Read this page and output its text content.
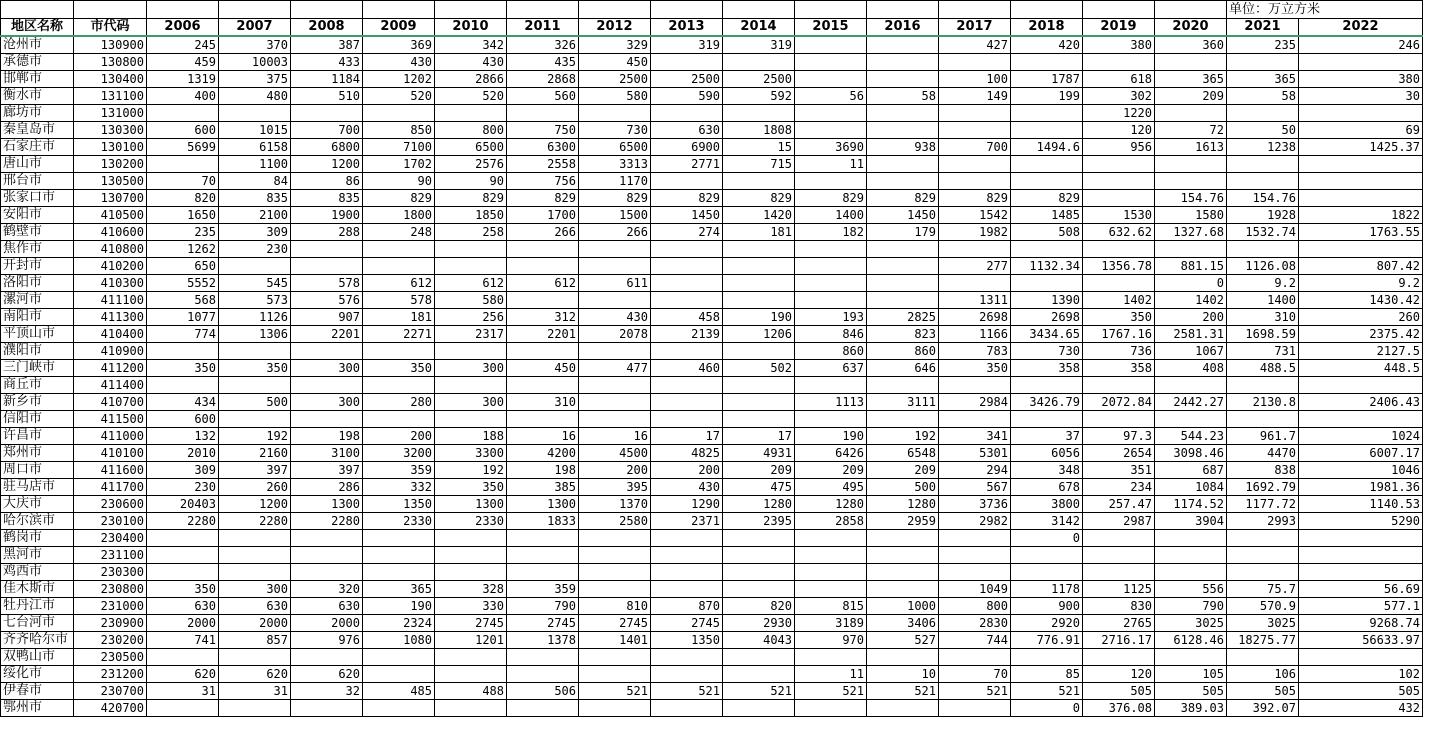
																	单位：万立方米	
地区名称	市代码	2006	2007	2008	2009	2010	2011	2012	2013	2014	2015	2016	2017	2018	2019	2020	2021	2022
沧州市	130900	245	370	387	369	342	326	329	319	319			427	420	380	360	235	246
承德市	130800	459	10003	433	430	430	435	450										
邯郸市	130400	1319	375	1184	1202	2866	2868	2500	2500	2500			100	1787	618	365	365	380
衡水市	131100	400	480	510	520	520	560	580	590	592	56	58	149	199	302	209	58	30
廊坊市	131000														1220			
秦皇岛市	130300	600	1015	700	850	800	750	730	630	1808					120	72	50	69
石家庄市	130100	5699	6158	6800	7100	6500	6300	6500	6900	15	3690	938	700	1494.6	956	1613	1238	1425.37
唐山市	130200		1100	1200	1702	2576	2558	3313	2771	715	11							
邢台市	130500	70	84	86	90	90	756	1170										
张家口市	130700	820	835	835	829	829	829	829	829	829	829	829	829	829		154.76	154.76	
安阳市	410500	1650	2100	1900	1800	1850	1700	1500	1450	1420	1400	1450	1542	1485	1530	1580	1928	1822
鹤壁市	410600	235	309	288	248	258	266	266	274	181	182	179	1982	508	632.62	1327.68	1532.74	1763.55
焦作市	410800	1262	230															
开封市	410200	650											277	1132.34	1356.78	881.15	1126.08	807.42
洛阳市	410300	5552	545	578	612	612	612	611								0	9.2	9.2
漯河市	411100	568	573	576	578	580							1311	1390	1402	1402	1400	1430.42
南阳市	411300	1077	1126	907	181	256	312	430	458	190	193	2825	2698	2698	350	200	310	260
平顶山市	410400	774	1306	2201	2271	2317	2201	2078	2139	1206	846	823	1166	3434.65	1767.16	2581.31	1698.59	2375.42
濮阳市	410900										860	860	783	730	736	1067	731	2127.5
三门峡市	411200	350	350	300	350	300	450	477	460	502	637	646	350	358	358	408	488.5	448.5
商丘市	411400																	
新乡市	410700	434	500	300	280	300	310				1113	3111	2984	3426.79	2072.84	2442.27	2130.8	2406.43
信阳市	411500	600																
许昌市	411000	132	192	198	200	188	16	16	17	17	190	192	341	37	97.3	544.23	961.7	1024
郑州市	410100	2010	2160	3100	3200	3300	4200	4500	4825	4931	6426	6548	5301	6056	2654	3098.46	4470	6007.17
周口市	411600	309	397	397	359	192	198	200	200	209	209	209	294	348	351	687	838	1046
驻马店市	411700	230	260	286	332	350	385	395	430	475	495	500	567	678	234	1084	1692.79	1981.36
大庆市	230600	20403	1200	1300	1350	1300	1300	1370	1290	1280	1280	1280	3736	3800	257.47	1174.52	1177.72	1140.53
哈尔滨市	230100	2280	2280	2280	2330	2330	1833	2580	2371	2395	2858	2959	2982	3142	2987	3904	2993	5290
鹤岗市	230400													0				
黑河市	231100																	
鸡西市	230300																	
佳木斯市	230800	350	300	320	365	328	359						1049	1178	1125	556	75.7	56.69
牡丹江市	231000	630	630	630	190	330	790	810	870	820	815	1000	800	900	830	790	570.9	577.1
七台河市	230900	2000	2000	2000	2324	2745	2745	2745	2745	2930	3189	3406	2830	2920	2765	3025	3025	9268.74
齐齐哈尔市	230200	741	857	976	1080	1201	1378	1401	1350	4043	970	527	744	776.91	2716.17	6128.46	18275.77	56633.97
双鸭山市	230500																	
绥化市	231200	620	620	620							11	10	70	85	120	105	106	102
伊春市	230700	31	31	32	485	488	506	521	521	521	521	521	521	521	505	505	505	505
鄂州市	420700													0	376.08	389.03	392.07	432
